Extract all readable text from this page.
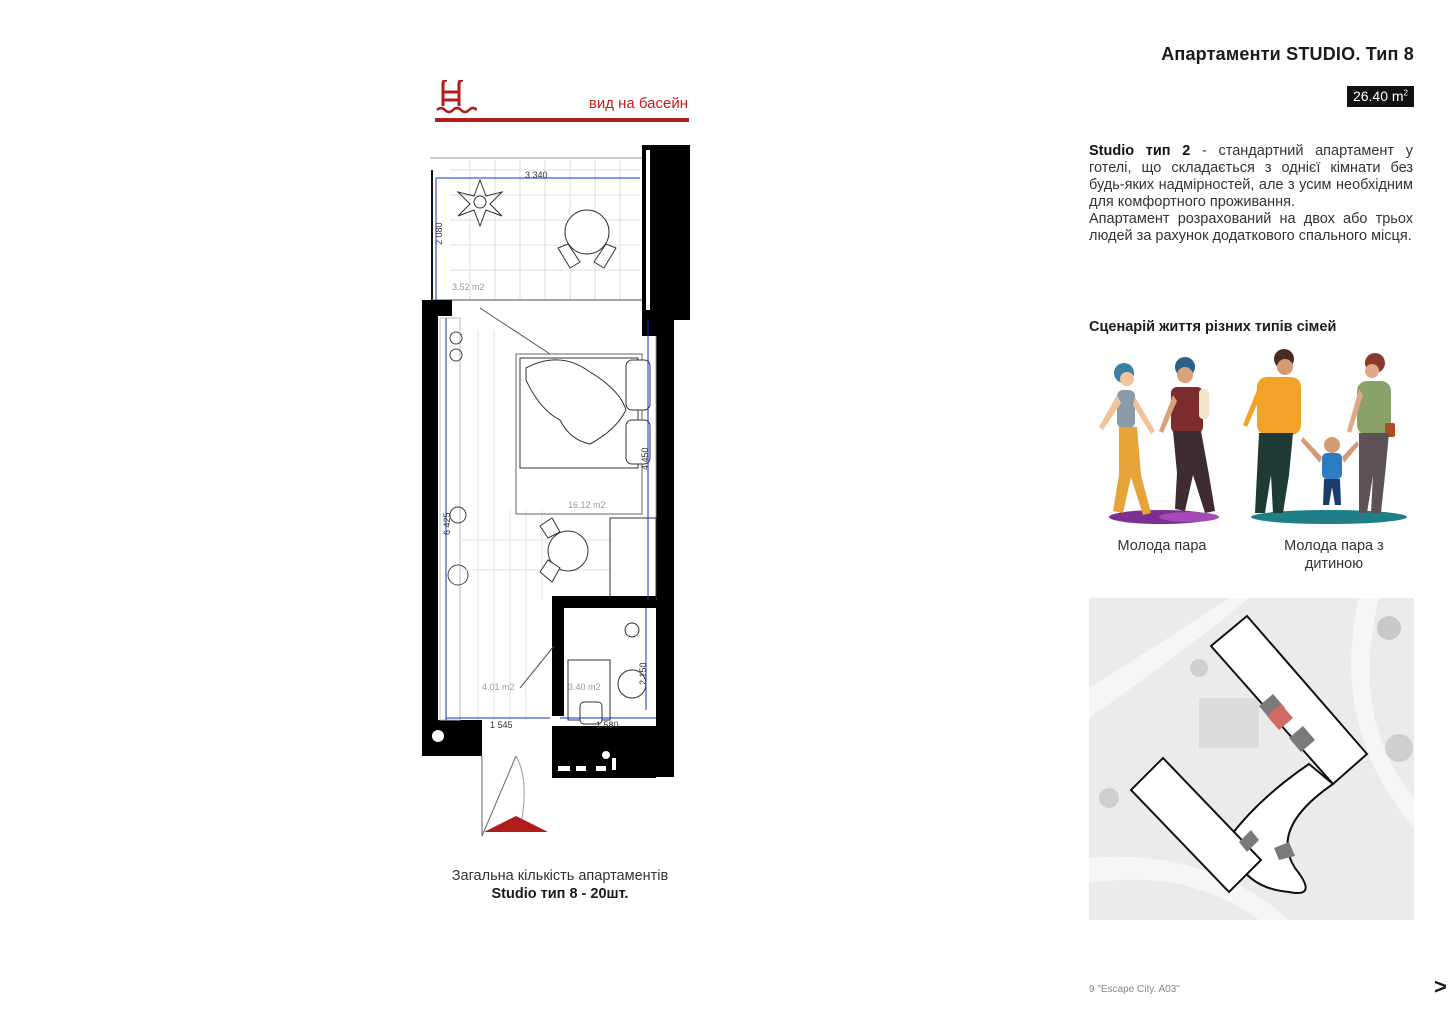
Апартаменти STUDIO. Тип 8
26.40 $m^2$
Studio тип 2 - стандартний апартамент у готелі, що складається з однієї кімнати без будь-яких надмірностей, але з усим необхідним для комфортного проживання.
Апартамент розрахований на двох або трьох людей за рахунок додаткового спального місця.
Сценарій життя різних типів сімей
Молода пара	Молода пара з дитиною
9 "Escape City. A03"	>
вид на басейн
3 340
2 080
4 450
6 425
2 150
1 545	1 580
3.52 m2
16.12 m2
4.01 m2	3.40 m2
Загальна кількість апартаментів
Studio тип 8 - 20шт.
